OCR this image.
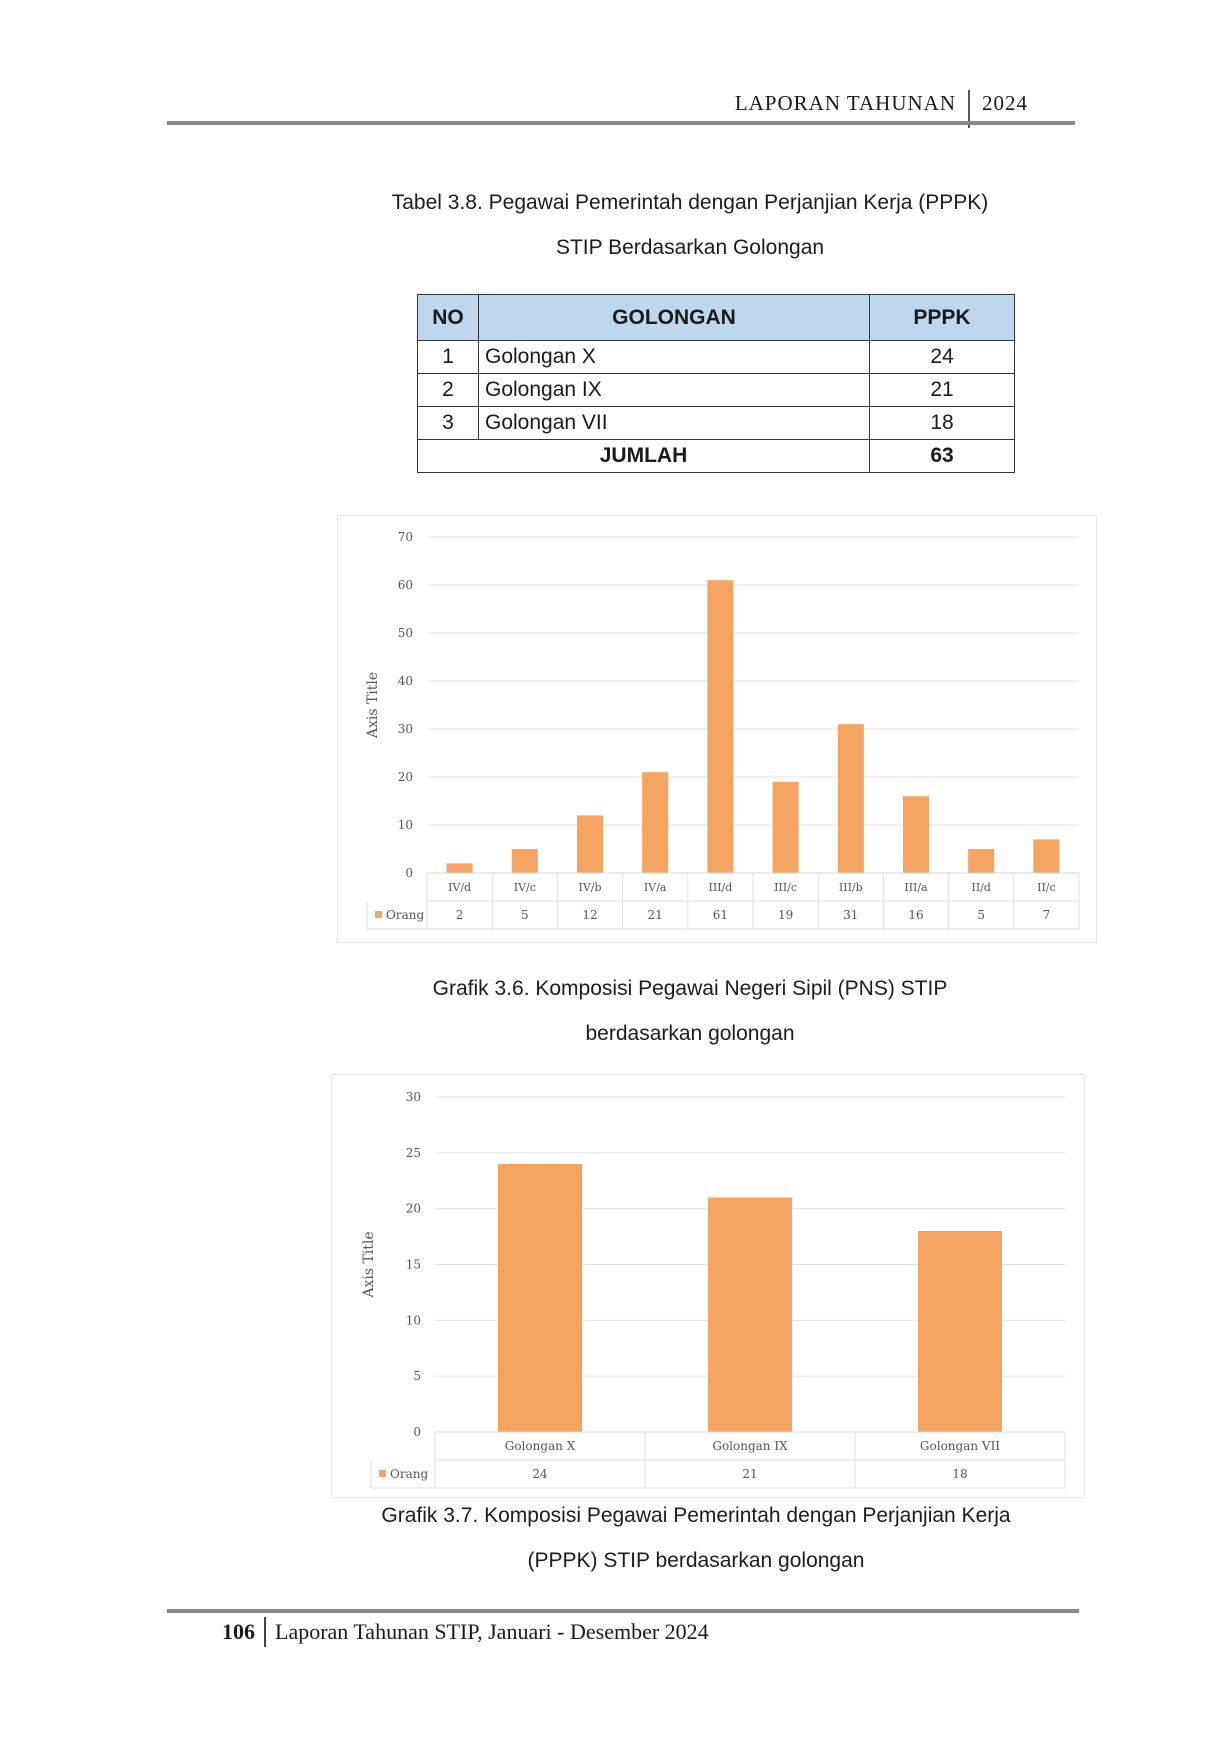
LAPORAN TAHUNAN 2024
Tabel 3.8. Pegawai Pemerintah dengan Perjanjian Kerja (PPPK)
STIP Berdasarkan Golongan
NO	GOLONGAN	PPPK
1	Golongan X	24
2	Golongan IX	21
3	Golongan VII	18
JUMLAH		63
0
10
20
30
40
50
60
70
IV/d	IV/c	IV/b	IV/a	III/d	III/c	III/b	III/a	II/d	II/c
2	5	12	21	61	19	31	16	5	7
Orang
Axis Title
Grafik 3.6. Komposisi Pegawai Negeri Sipil (PNS) STIP
berdasarkan golongan
0
5
10
15
20
25
30
Golongan X	Golongan IX	Golongan VII
24	21	18
Orang
Axis Title
Grafik 3.7. Komposisi Pegawai Pemerintah dengan Perjanjian Kerja
(PPPK) STIP berdasarkan golongan
106 Laporan Tahunan STIP, Januari - Desember 2024
